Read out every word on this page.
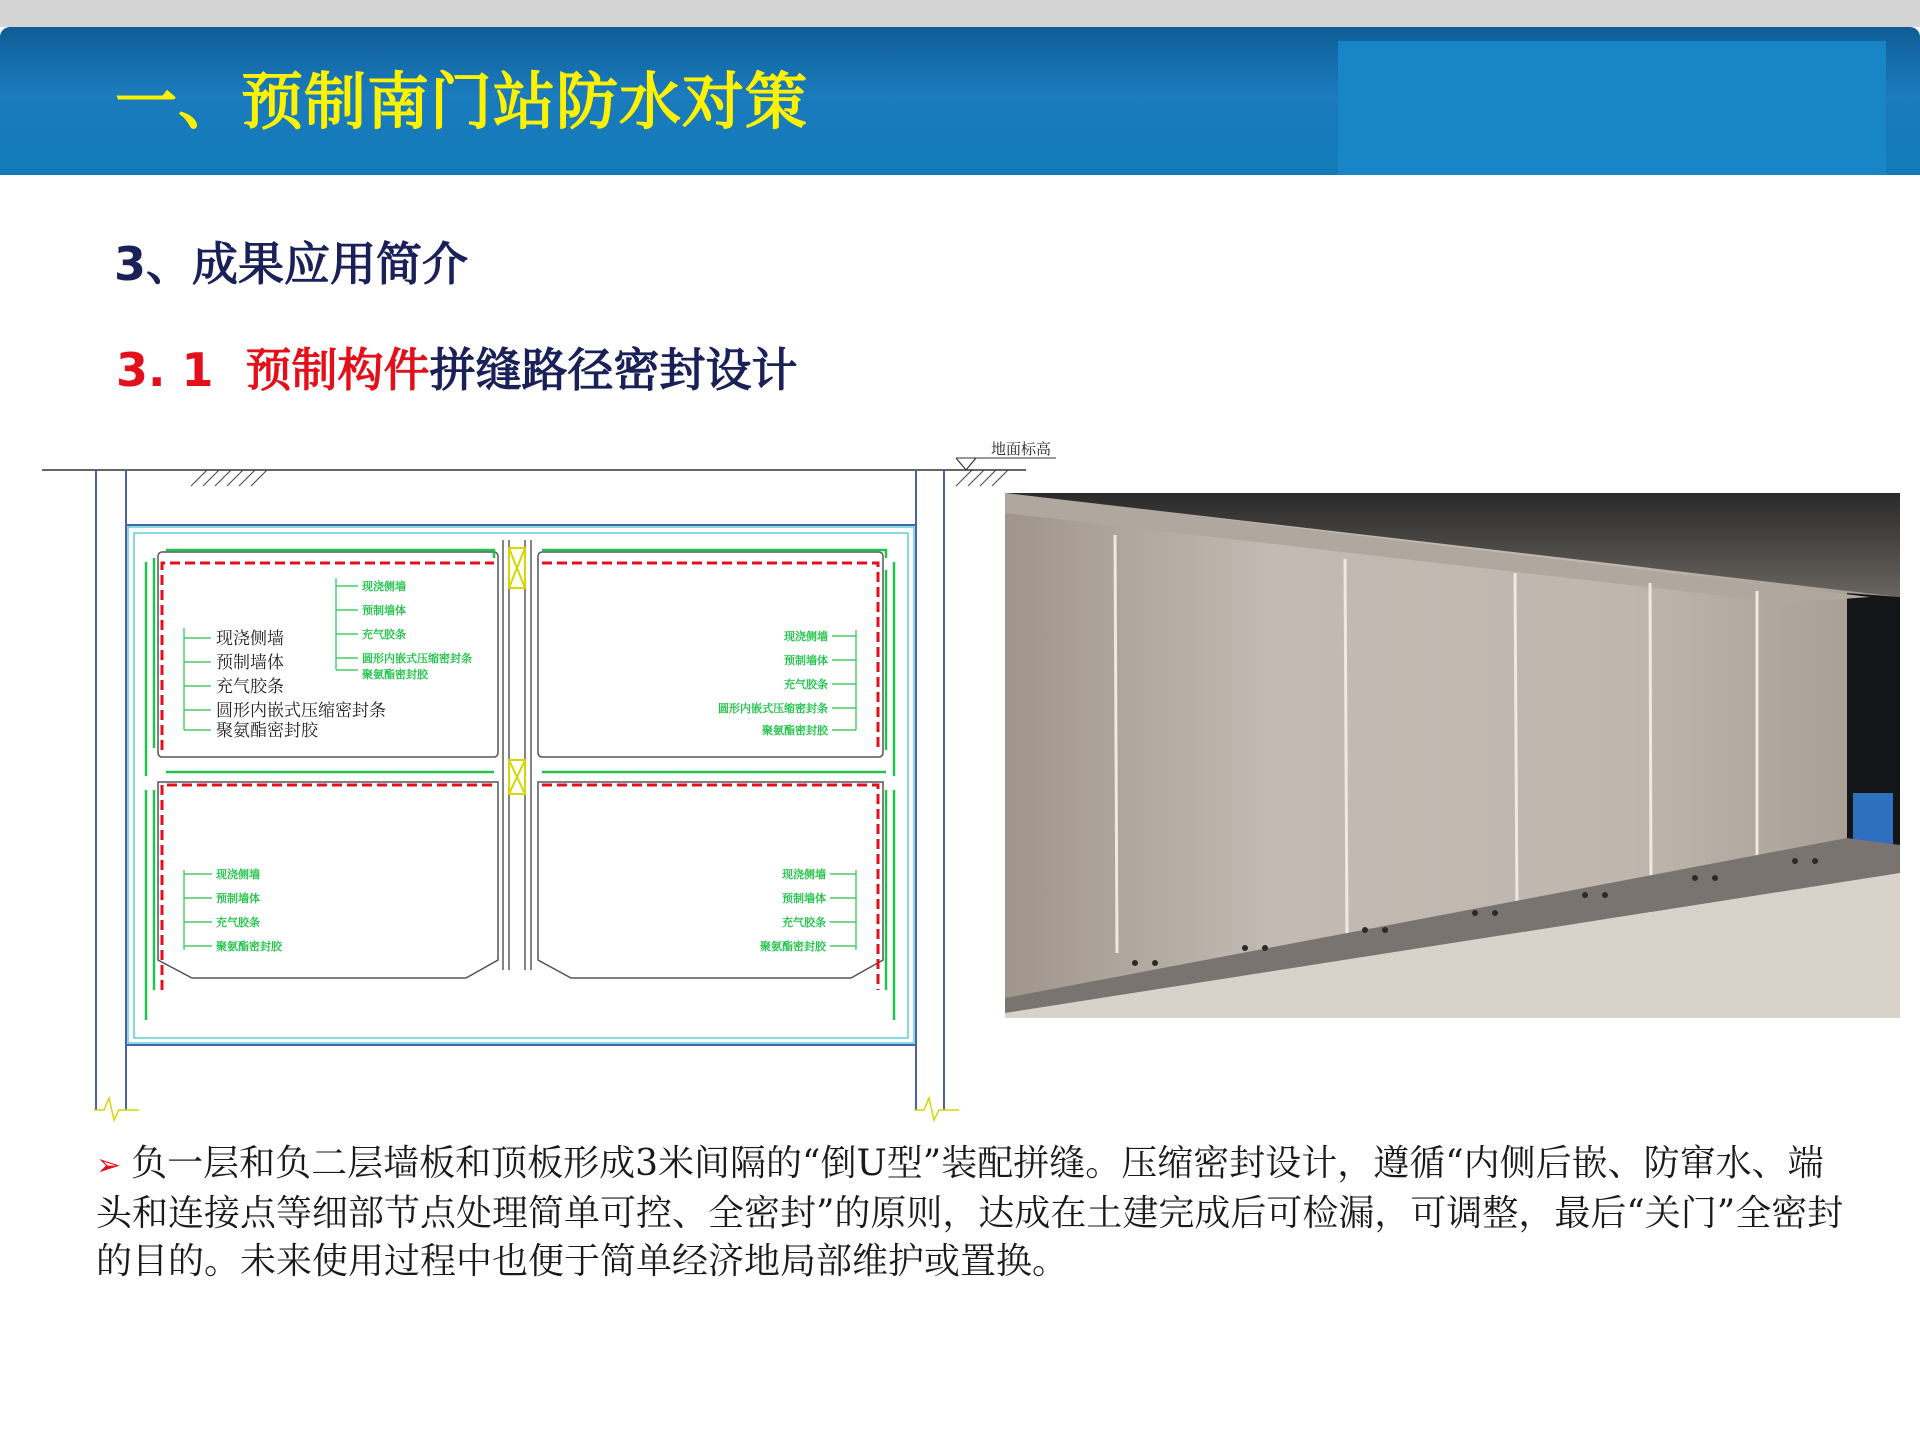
一、预制南门站防水对策
3、成果应用简介
3. 1 预制构件拼缝路径密封设计
地面标高
现浇侧墙
预制墙体
充气胶条
圆形内嵌式压缩密封条
聚氨酯密封胶
现浇侧墙
预制墙体
充气胶条
圆形内嵌式压缩密封条
聚氨酯密封胶
现浇侧墙
预制墙体
充气胶条
圆形内嵌式压缩密封条
聚氨酯密封胶
现浇侧墙
预制墙体
充气胶条
聚氨酯密封胶
现浇侧墙
预制墙体
充气胶条
聚氨酯密封胶

➢ 负一层和负二层墙板和顶板形成3米间隔的“倒U型”装配拼缝。压缩密封设计，遵循“内侧后嵌、防窜水、端头和连接点等细部节点处理简单可控、全密封”的原则，达成在土建完成后可检漏，可调整，最后“关门”全密封的目的。未来使用过程中也便于简单经济地局部维护或置换。
